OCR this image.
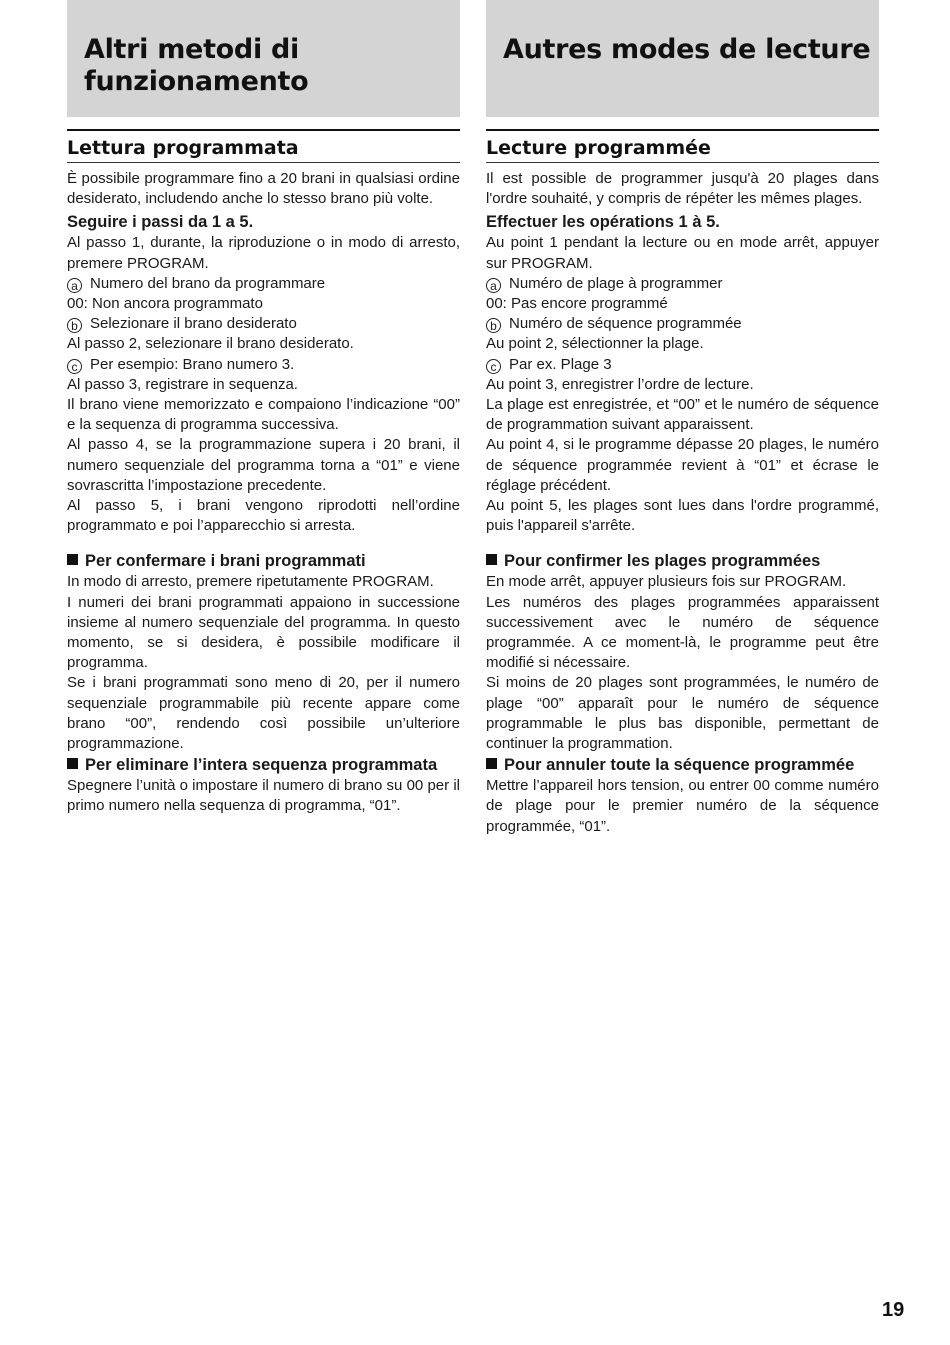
Altri metodi di funzionamento
Lettura programmata

È possibile programmare fino a 20 brani in qualsiasi ordine desiderato, includendo anche lo stesso brano più volte.

Seguire i passi da 1 a 5.

Al passo 1, durante, la riproduzione o in modo di arresto, premere PROGRAM.

a Numero del brano da programmare

00: Non ancora programmato

b Selezionare il brano desiderato

Al passo 2, selezionare il brano desiderato.

c Per esempio: Brano numero 3.

Al passo 3, registrare in sequenza.

Il brano viene memorizzato e compaiono l’indicazione “00” e la sequenza di programma successiva.

Al passo 4, se la programmazione supera i 20 brani, il numero sequenziale del programma torna a “01” e viene sovrascritta l’impostazione precedente.

Al passo 5, i brani vengono riprodotti nell’ordine programmato e poi l’apparecchio si arresta.

Per confermare i brani programmati

In modo di arresto, premere ripetutamente PROGRAM.

I numeri dei brani programmati appaiono in successione insieme al numero sequenziale del programma. In questo momento, se si desidera, è possibile modificare il programma.

Se i brani programmati sono meno di 20, per il numero sequenziale programmabile più recente appare come brano “00”, rendendo così possibile un’ulteriore programmazione.

Per eliminare l’intera sequenza programmata

Spegnere l’unità o impostare il numero di brano su 00 per il primo numero nella sequenza di programma, “01”.

Autres modes de lecture
Lecture programmée

Il est possible de programmer jusqu'à 20 plages dans l'ordre souhaité, y compris de répéter les mêmes plages.

Effectuer les opérations 1 à 5.

Au point 1 pendant la lecture ou en mode arrêt, appuyer sur PROGRAM.

a Numéro de plage à programmer

00: Pas encore programmé

b Numéro de séquence programmée

Au point 2, sélectionner la plage.

c Par ex. Plage 3

Au point 3, enregistrer l’ordre de lecture.

La plage est enregistrée, et “00” et le numéro de séquence de programmation suivant apparaissent.

Au point 4, si le programme dépasse 20 plages, le numéro de séquence programmée revient à “01” et écrase le réglage précédent.

Au point 5, les plages sont lues dans l'ordre programmé, puis l'appareil s'arrête.

Pour confirmer les plages programmées

En mode arrêt, appuyer plusieurs fois sur PROGRAM.

Les numéros des plages programmées apparaissent successivement avec le numéro de séquence programmée. A ce moment-là, le programme peut être modifié si nécessaire.

Si moins de 20 plages sont programmées, le numéro de plage “00” apparaît pour le numéro de séquence programmable le plus bas disponible, permettant de continuer la programmation.

Pour annuler toute la séquence programmée

Mettre l’appareil hors tension, ou entrer 00 comme numéro de plage pour le premier numéro de la séquence programmée, “01”.

19
